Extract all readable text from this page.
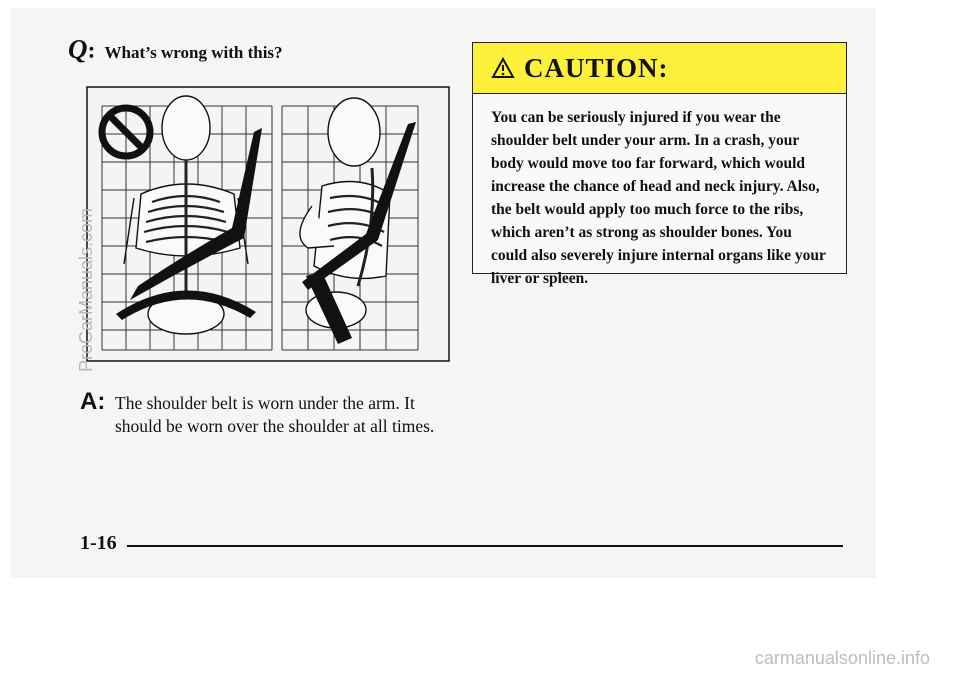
Q : What’s wrong with this?
A: The shoulder belt is worn under the arm. It should be worn over the shoulder at all times.
CAUTION:
You can be seriously injured if you wear the shoulder belt under your arm. In a crash, your body would move too far forward, which would increase the chance of head and neck injury. Also, the belt would apply too much force to the ribs, which aren’t as strong as shoulder bones. You could also severely injure internal organs like your liver or spleen.
1-16
ProCarManuals.com
carmanualsonline.info
